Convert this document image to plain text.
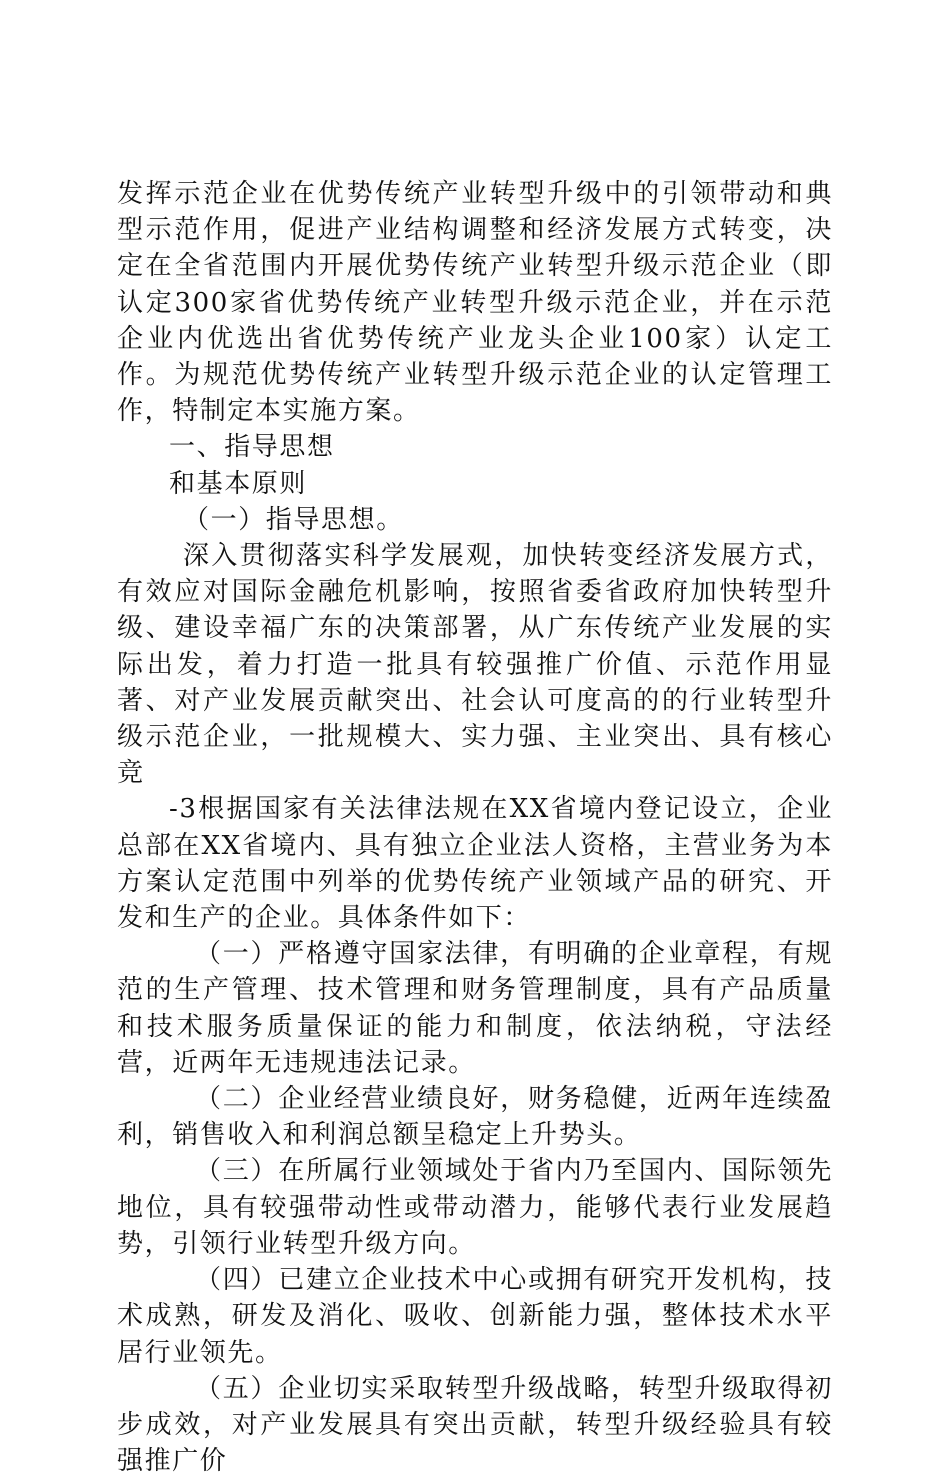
发挥示范企业在优势传统产业转型升级中的引领带动和典型示范作用，促进产业结构调整和经济发展方式转变，决定在全省范围内开展优势传统产业转型升级示范企业（即认定300家省优势传统产业转型升级示范企业，并在示范企业内优选出省优势传统产业龙头企业100家）认定工作。为规范优势传统产业转型升级示范企业的认定管理工作，特制定本实施方案。

一、指导思想

和基本原则

（一）指导思想。

深入贯彻落实科学发展观，加快转变经济发展方式，有效应对国际金融危机影响，按照省委省政府加快转型升级、建设幸福广东的决策部署，从广东传统产业发展的实际出发，着力打造一批具有较强推广价值、示范作用显著、对产业发展贡献突出、社会认可度高的的行业转型升级示范企业，一批规模大、实力强、主业突出、具有核心竞

-3根据国家有关法律法规在XX省境内登记设立，企业总部在XX省境内、具有独立企业法人资格，主营业务为本方案认定范围中列举的优势传统产业领域产品的研究、开发和生产的企业。具体条件如下：

（一）严格遵守国家法律，有明确的企业章程，有规范的生产管理、技术管理和财务管理制度，具有产品质量和技术服务质量保证的能力和制度，依法纳税，守法经营，近两年无违规违法记录。

（二）企业经营业绩良好，财务稳健，近两年连续盈利，销售收入和利润总额呈稳定上升势头。

（三）在所属行业领域处于省内乃至国内、国际领先地位，具有较强带动性或带动潜力，能够代表行业发展趋势，引领行业转型升级方向。

（四）已建立企业技术中心或拥有研究开发机构，技术成熟，研发及消化、吸收、创新能力强，整体技术水平居行业领先。

（五）企业切实采取转型升级战略，转型升级取得初步成效，对产业发展具有突出贡献，转型升级经验具有较强推广价
